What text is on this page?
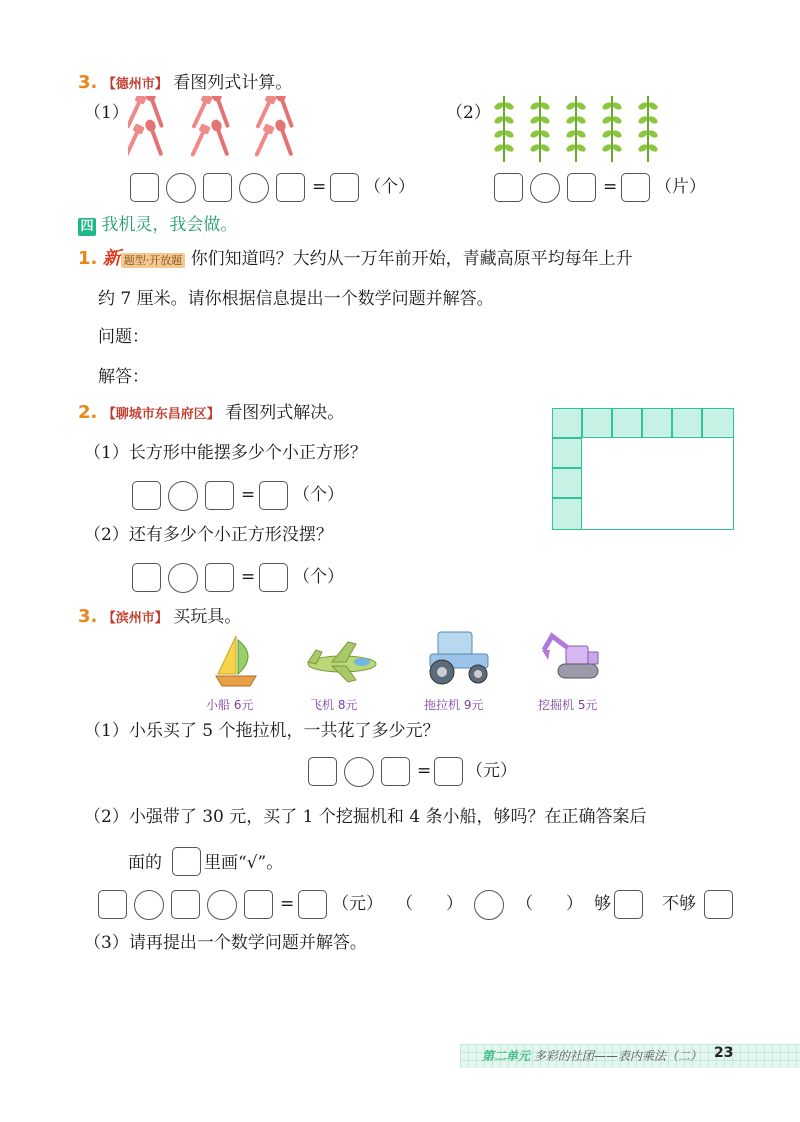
3. 【德州市】 看图列式计算。
（1）	（2）
= （个）	= （片）
四 我机灵，我会做。
1. 新 题型·开放题 你们知道吗？大约从一万年前开始，青藏高原平均每年上升
约 7 厘米。请你根据信息提出一个数学问题并解答。
问题：
解答：
2. 【聊城市东昌府区】 看图列式解决。
（1）长方形中能摆多少个小正方形？
= （个）
（2）还有多少个小正方形没摆？
= （个）
3. 【滨州市】 买玩具。
小船 6元	飞机 8元	拖拉机 9元	挖掘机 5元
（1）小乐买了 5 个拖拉机，一共花了多少元？
= （元）
（2）小强带了 30 元，买了 1 个挖掘机和 4 条小船，够吗？在正确答案后
面的 里画“√”。
= （元） （ ）	（ ） 够	不够
（3）请再提出一个数学问题并解答。
第二单元 多彩的社团——表内乘法（二） 23
